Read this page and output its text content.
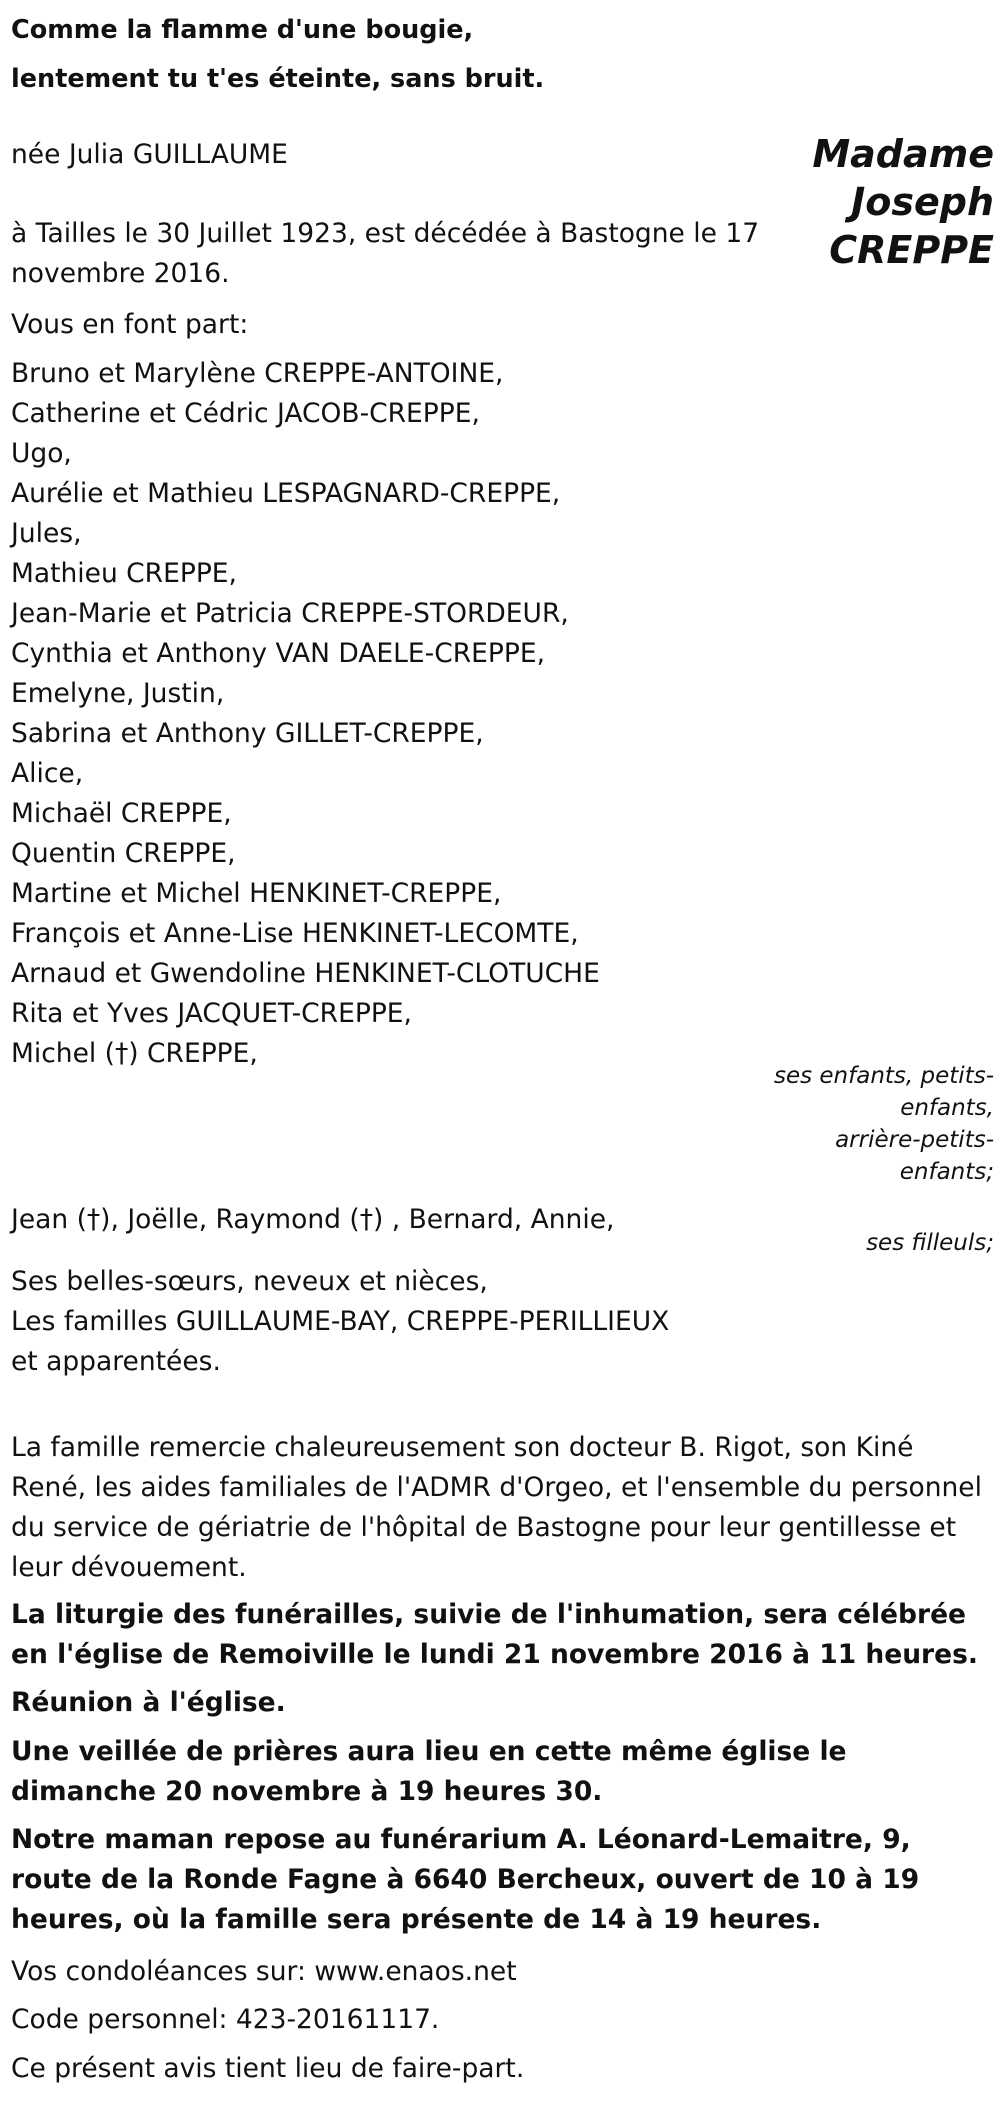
Comme la flamme d'une bougie,
lentement tu t'es éteinte, sans bruit.
Madame
Joseph
CREPPE
née Julia GUILLAUME
à Tailles le 30 Juillet 1923, est décédée à Bastogne le 17 novembre 2016.
Vous en font part:
Bruno et Marylène CREPPE-ANTOINE,
Catherine et Cédric JACOB-CREPPE,
Ugo,
Aurélie et Mathieu LESPAGNARD-CREPPE,
Jules,
Mathieu CREPPE,
Jean-Marie et Patricia CREPPE-STORDEUR,
Cynthia et Anthony VAN DAELE-CREPPE,
Emelyne, Justin,
Sabrina et Anthony GILLET-CREPPE,
Alice,
Michaël CREPPE,
Quentin CREPPE,
Martine et Michel HENKINET-CREPPE,
François et Anne-Lise HENKINET-LECOMTE,
Arnaud et Gwendoline HENKINET-CLOTUCHE
Rita et Yves JACQUET-CREPPE,
Michel (†) CREPPE,
ses enfants, petits-
enfants,
arrière-petits-
enfants;
Jean (†), Joëlle, Raymond (†) , Bernard, Annie,
ses filleuls;
Ses belles-sœurs, neveux et nièces,
Les familles GUILLAUME-BAY, CREPPE-PERILLIEUX
et apparentées.
La famille remercie chaleureusement son docteur B. Rigot, son Kiné René, les aides familiales de l'ADMR d'Orgeo, et l'ensemble du personnel du service de gériatrie de l'hôpital de Bastogne pour leur gentillesse et leur dévouement.
La liturgie des funérailles, suivie de l'inhumation, sera célébrée en l'église de Remoiville le lundi 21 novembre 2016 à 11 heures.
Réunion à l'église.
Une veillée de prières aura lieu en cette même église le dimanche 20 novembre à 19 heures 30.
Notre maman repose au funérarium A. Léonard-Lemaitre, 9, route de la Ronde Fagne à 6640 Bercheux, ouvert de 10 à 19 heures, où la famille sera présente de 14 à 19 heures.
Vos condoléances sur: www.enaos.net
Code personnel: 423-20161117.
Ce présent avis tient lieu de faire-part.
